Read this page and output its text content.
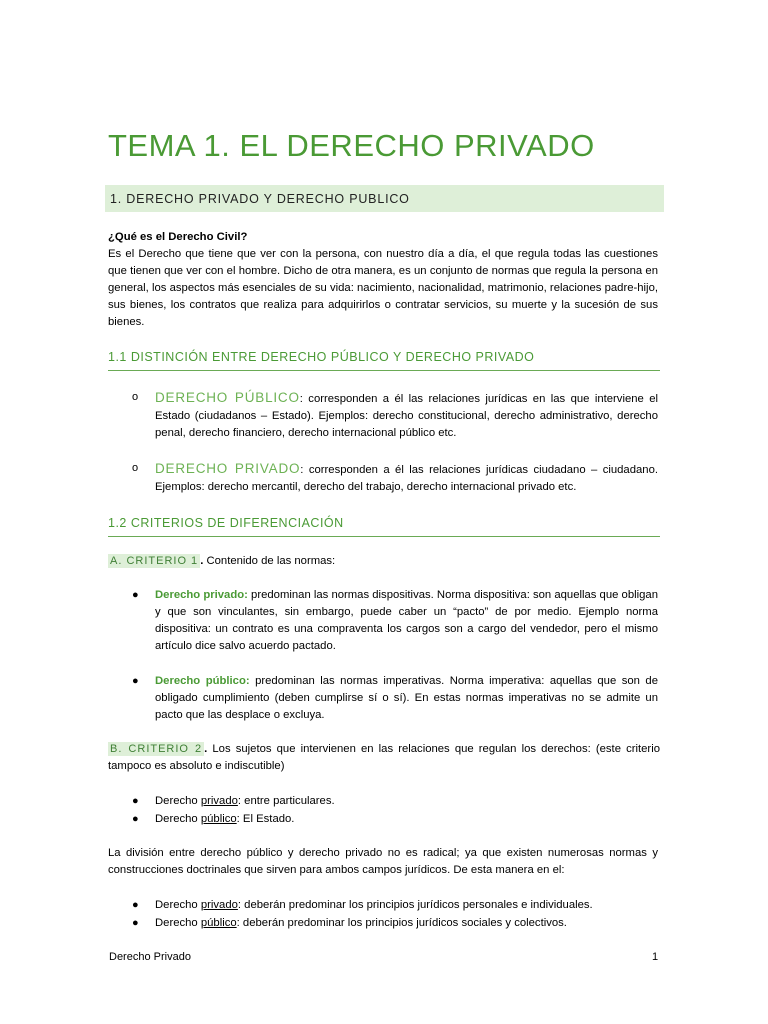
TEMA 1. EL DERECHO PRIVADO
1. DERECHO PRIVADO Y DERECHO PUBLICO

¿Qué es el Derecho Civil?
Es el Derecho que tiene que ver con la persona, con nuestro día a día, el que regula todas las cuestiones que tienen que ver con el hombre. Dicho de otra manera, es un conjunto de normas que regula la persona en general, los aspectos más esenciales de su vida: nacimiento, nacionalidad, matrimonio, relaciones padre-hijo, sus bienes, los contratos que realiza para adquirirlos o contratar servicios, su muerte y la sucesión de sus bienes.

1.1 DISTINCIÓN ENTRE DERECHO PÚBLICO Y DERECHO PRIVADO
o DERECHO PÚBLICO: corresponden a él las relaciones jurídicas en las que interviene el Estado (ciudadanos – Estado). Ejemplos: derecho constitucional, derecho administrativo, derecho penal, derecho financiero, derecho internacional público etc.

o DERECHO PRIVADO: corresponden a él las relaciones jurídicas ciudadano – ciudadano. Ejemplos: derecho mercantil, derecho del trabajo, derecho internacional privado etc.

1.2 CRITERIOS DE DIFERENCIACIÓN

A. CRITERIO 1 . Contenido de las normas:

● Derecho privado: predominan las normas dispositivas. Norma dispositiva: son aquellas que obligan y que son vinculantes, sin embargo, puede caber un “pacto” de por medio. Ejemplo norma dispositiva: un contrato es una compraventa los cargos son a cargo del vendedor, pero el mismo artículo dice salvo acuerdo pactado.

● Derecho público: predominan las normas imperativas. Norma imperativa: aquellas que son de obligado cumplimiento (deben cumplirse sí o sí). En estas normas imperativas no se admite un pacto que las desplace o excluya.

B. CRITERIO 2 . Los sujetos que intervienen en las relaciones que regulan los derechos: (este criterio tampoco es absoluto e indiscutible)

● Derecho privado: entre particulares.

● Derecho público: El Estado.

La división entre derecho público y derecho privado no es radical; ya que existen numerosas normas y construcciones doctrinales que sirven para ambos campos jurídicos. De esta manera en el:

● Derecho privado: deberán predominar los principios jurídicos personales e individuales.

● Derecho público: deberán predominar los principios jurídicos sociales y colectivos.

Derecho Privado	1
